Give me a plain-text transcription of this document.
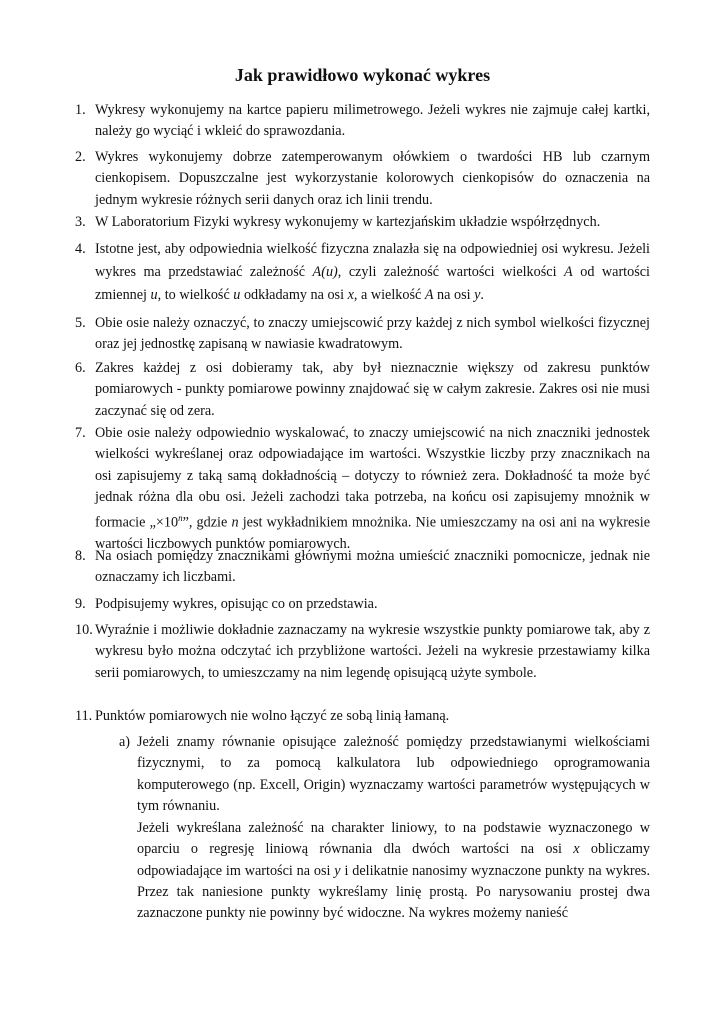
Jak prawidłowo wykonać wykres
1. Wykresy wykonujemy na kartce papieru milimetrowego. Jeżeli wykres nie zajmuje całej kartki, należy go wyciąć i wkleić do sprawozdania.
2. Wykres wykonujemy dobrze zatemperowanym ołówkiem o twardości HB lub czarnym cienkopisem. Dopuszczalne jest wykorzystanie kolorowych cienkopisów do oznaczenia na jednym wykresie różnych serii danych oraz ich linii trendu.
3. W Laboratorium Fizyki wykresy wykonujemy w kartezjańskim układzie współrzędnych.
4. Istotne jest, aby odpowiednia wielkość fizyczna znalazła się na odpowiedniej osi wykresu. Jeżeli wykres ma przedstawiać zależność A(u), czyli zależność wartości wielkości A od wartości zmiennej u, to wielkość u odkładamy na osi x, a wielkość A na osi y.
5. Obie osie należy oznaczyć, to znaczy umiejscowić przy każdej z nich symbol wielkości fizycznej oraz jej jednostkę zapisaną w nawiasie kwadratowym.
6. Zakres każdej z osi dobieramy tak, aby był nieznacznie większy od zakresu punktów pomiarowych - punkty pomiarowe powinny znajdować się w całym zakresie. Zakres osi nie musi zaczynać się od zera.
7. Obie osie należy odpowiednio wyskalować, to znaczy umiejscowić na nich znaczniki jednostek wielkości wykreślanej oraz odpowiadające im wartości. Wszystkie liczby przy znacznikach na osi zapisujemy z taką samą dokładnością – dotyczy to również zera. Dokładność ta może być jednak różna dla obu osi. Jeżeli zachodzi taka potrzeba, na końcu osi zapisujemy mnożnik w formacie $„\times 10^n$”, gdzie n jest wykładnikiem mnożnika. Nie umieszczamy na osi ani na wykresie wartości liczbowych punktów pomiarowych.
8. Na osiach pomiędzy znacznikami głównymi można umieścić znaczniki pomocnicze, jednak nie oznaczamy ich liczbami.
9. Podpisujemy wykres, opisując co on przedstawia.
10. Wyraźnie i możliwie dokładnie zaznaczamy na wykresie wszystkie punkty pomiarowe tak, aby z wykresu było można odczytać ich przybliżone wartości. Jeżeli na wykresie przestawiamy kilka serii pomiarowych, to umieszczamy na nim legendę opisującą użyte symbole.
11. Punktów pomiarowych nie wolno łączyć ze sobą linią łamaną.
a) Jeżeli znamy równanie opisujące zależność pomiędzy przedstawianymi wielkościami fizycznymi, to za pomocą kalkulatora lub odpowiedniego oprogramowania komputerowego (np. Excell, Origin) wyznaczamy wartości parametrów występujących w tym równaniu.
Jeżeli wykreślana zależność na charakter liniowy, to na podstawie wyznaczonego w oparciu o regresję liniową równania dla dwóch wartości na osi x obliczamy odpowiadające im wartości na osi y i delikatnie nanosimy wyznaczone punkty na wykres. Przez tak naniesione punkty wykreślamy linię prostą. Po narysowaniu prostej dwa zaznaczone punkty nie powinny być widoczne. Na wykres możemy nanieść
